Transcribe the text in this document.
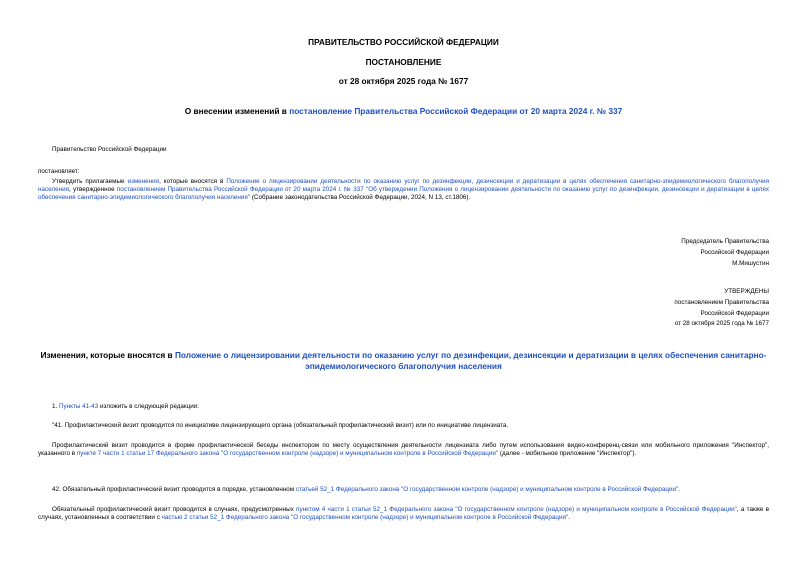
ПРАВИТЕЛЬСТВО РОССИЙСКОЙ ФЕДЕРАЦИИ
ПОСТАНОВЛЕНИЕ
от 28 октября 2025 года № 1677
О внесении изменений в постановление Правительства Российской Федерации от 20 марта 2024 г. № 337
Правительство Российской Федерации
постановляет:
Утвердить прилагаемые изменения, которые вносятся в Положение о лицензировании деятельности по оказанию услуг по дезинфекции, дезинсекции и дератизации в целях обеспечения санитарно-эпидемиологического благополучия населения, утвержденное постановлением Правительства Российской Федерации от 20 марта 2024 г. № 337 "Об утверждении Положения о лицензировании деятельности по оказанию услуг по дезинфекции, дезинсекции и дератизации в целях обеспечения санитарно-эпидемиологического благополучия населения" (Собрание законодательства Российской Федерации, 2024, N 13, ст.1806).
Председатель Правительства
Российской Федерации
М.Мишустин
УТВЕРЖДЕНЫ
постановлением Правительства
Российской Федерации
от 28 октября 2025 года № 1677
Изменения, которые вносятся в Положение о лицензировании деятельности по оказанию услуг по дезинфекции, дезинсекции и дератизации в целях обеспечения санитарно-эпидемиологического благополучия населения
1. Пункты 41-43 изложить в следующей редакции:
"41. Профилактический визит проводится по инициативе лицензирующего органа (обязательный профилактический визит) или по инициативе лицензиата.
Профилактический визит проводится в форме профилактической беседы инспектором по месту осуществления деятельности лицензиата либо путем использования видео-конференц-связи или мобильного приложения "Инспектор", указанного в пункте 7 части 1 статьи 17 Федерального закона "О государственном контроле (надзоре) и муниципальном контроле в Российской Федерации" (далее - мобильное приложение "Инспектор").
42. Обязательный профилактический визит проводится в порядке, установленном статьей 52_1 Федерального закона "О государственном контроле (надзоре) и муниципальном контроле в Российской Федерации".
Обязательный профилактический визит проводится в случаях, предусмотренных пунктом 4 части 1 статьи 52_1 Федерального закона "О государственном контроле (надзоре) и муниципальном контроле в Российской Федерации", а также в случаях, установленных в соответствии с частью 2 статьи 52_1 Федерального закона "О государственном контроле (надзоре) и муниципальном контроле в Российской Федерации".
